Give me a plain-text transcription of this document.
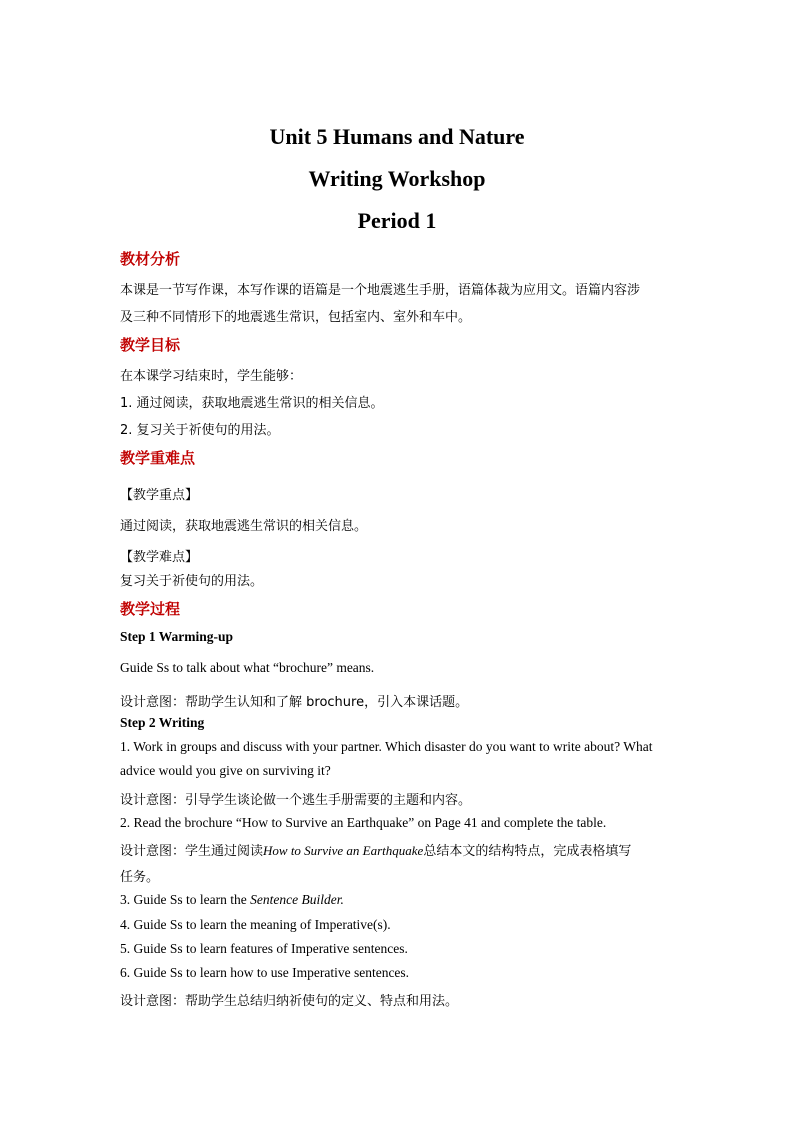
Unit 5 Humans and Nature
Writing Workshop
Period 1
教材分析
本课是一节写作课，本写作课的语篇是一个地震逃生手册，语篇体裁为应用文。语篇内容涉
及三种不同情形下的地震逃生常识，包括室内、室外和车中。
教学目标
在本课学习结束时，学生能够：
1. 通过阅读，获取地震逃生常识的相关信息。
2. 复习关于祈使句的用法。
教学重难点
【教学重点】
通过阅读，获取地震逃生常识的相关信息。
【教学难点】
复习关于祈使句的用法。
教学过程
Step 1 Warming-up
Guide Ss to talk about what “brochure” means.
设计意图：帮助学生认知和了解 brochure，引入本课话题。
Step 2 Writing
1. Work in groups and discuss with your partner. Which disaster do you want to write about? What
advice would you give on surviving it?
设计意图：引导学生谈论做一个逃生手册需要的主题和内容。
2. Read the brochure “How to Survive an Earthquake” on Page 41 and complete the table.
设计意图：学生通过阅读How to Survive an Earthquake总结本文的结构特点，完成表格填写
任务。
3. Guide Ss to learn the Sentence Builder.
4. Guide Ss to learn the meaning of Imperative(s).
5. Guide Ss to learn features of Imperative sentences.
6. Guide Ss to learn how to use Imperative sentences.
设计意图：帮助学生总结归纳祈使句的定义、特点和用法。
